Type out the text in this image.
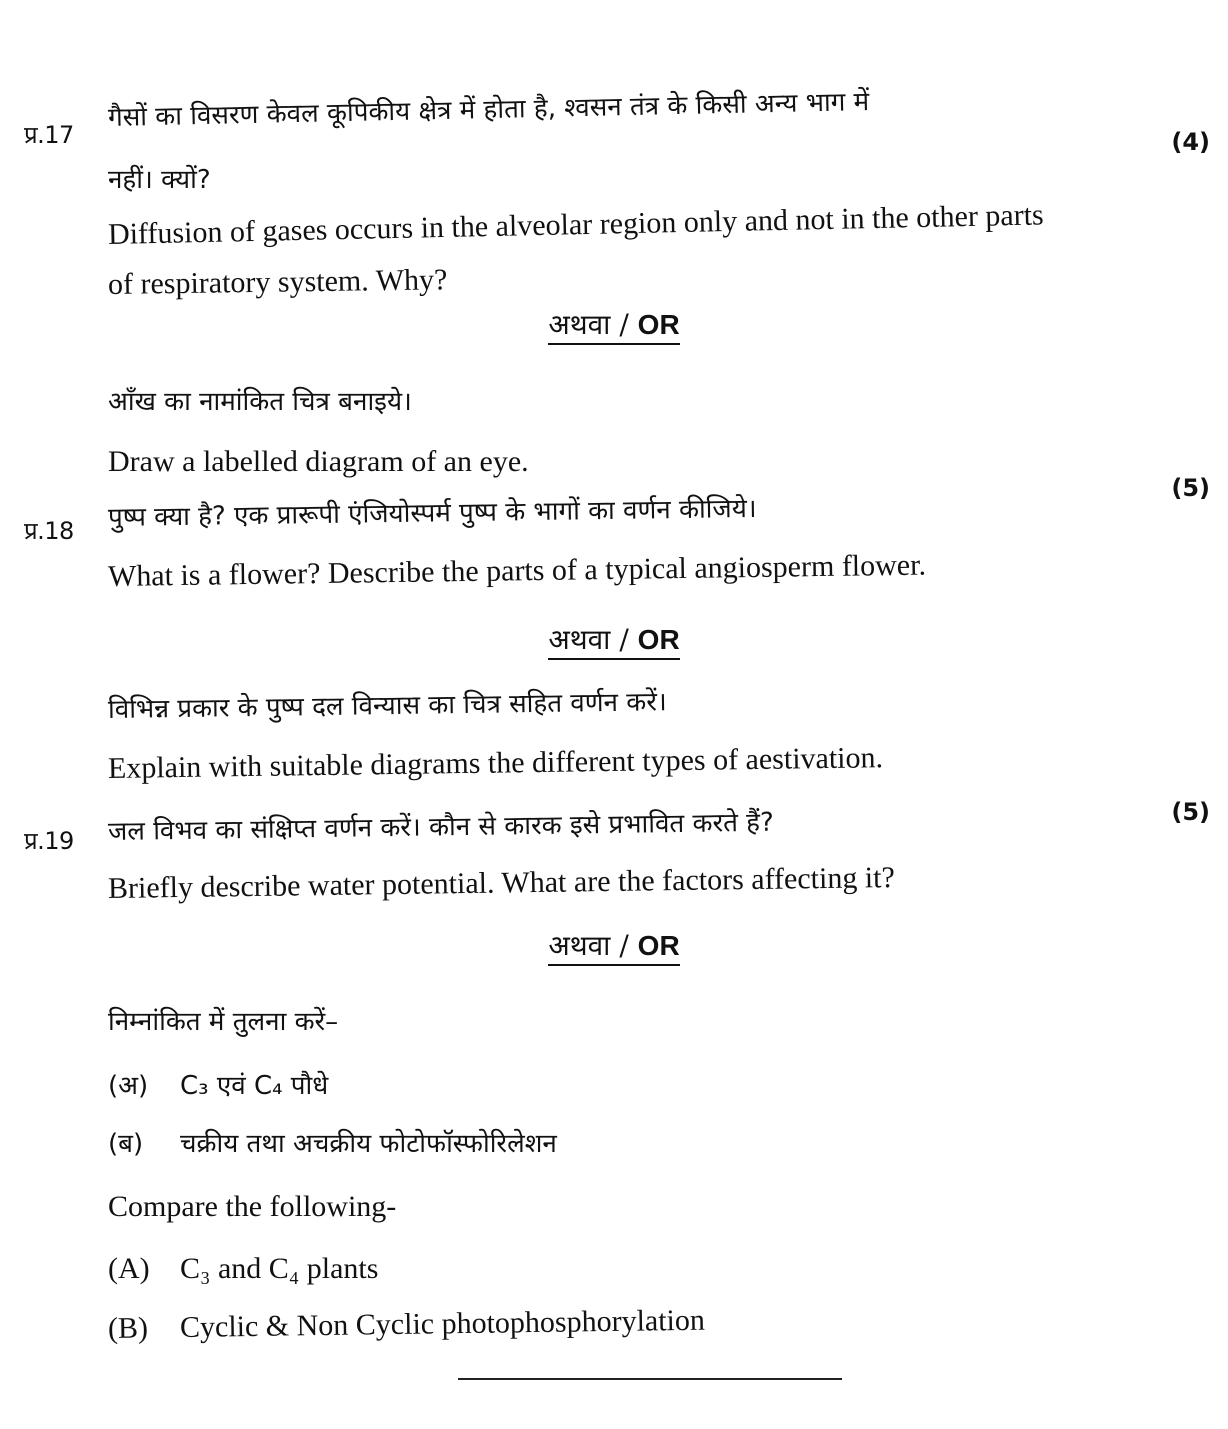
प्र.17	(4)
गैसों का विसरण केवल कूपिकीय क्षेत्र में होता है, श्वसन तंत्र के किसी अन्य भाग में
नहीं। क्यों?
Diffusion of gases occurs in the alveolar region only and not in the other parts
of respiratory system. Why?
अथवा / OR
आँख का नामांकित चित्र बनाइये।
Draw a labelled diagram of an eye.
प्र.18
(5)
पुष्प क्या है? एक प्रारूपी एंजियोस्पर्म पुष्प के भागों का वर्णन कीजिये।
What is a flower? Describe the parts of a typical angiosperm flower.
अथवा / OR
विभिन्न प्रकार के पुष्प दल विन्यास का चित्र सहित वर्णन करें।
Explain with suitable diagrams the different types of aestivation.
प्र.19
(5)
जल विभव का संक्षिप्त वर्णन करें। कौन से कारक इसे प्रभावित करते हैं?
Briefly describe water potential. What are the factors affecting it?
अथवा / OR
निम्नांकित में तुलना करें–
(अ) C₃ एवं C₄ पौधे
(ब) चक्रीय तथा अचक्रीय फोटोफॉस्फोरिलेशन
Compare the following-
(A) C₃ and C₄ plants
(B) Cyclic & Non Cyclic photophosphorylation
